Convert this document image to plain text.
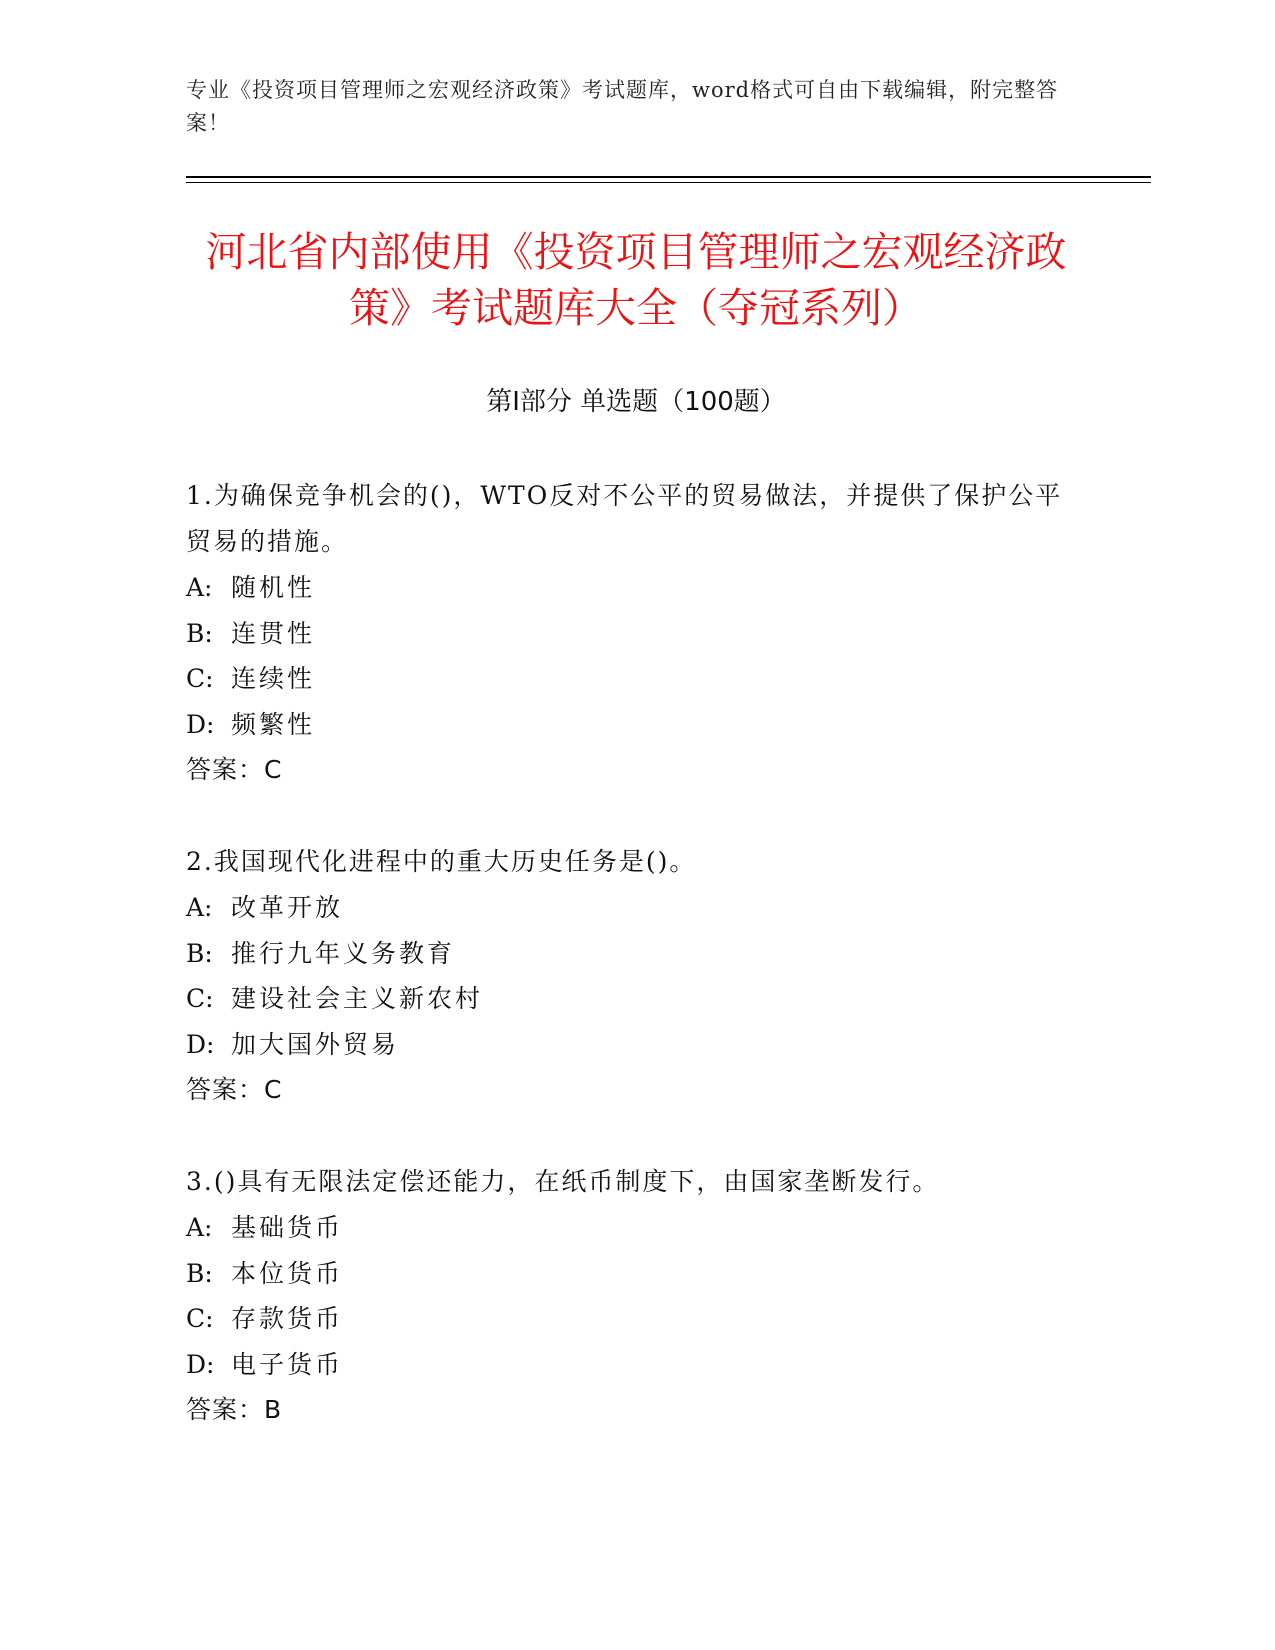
专业《投资项目管理师之宏观经济政策》考试题库，word格式可自由下载编辑，附完整答案！
河北省内部使用《投资项目管理师之宏观经济政策》考试题库大全（夺冠系列）
第Ⅰ部分 单选题（100题）

1.为确保竞争机会的()，WTO反对不公平的贸易做法，并提供了保护公平贸易的措施。

A: 随机性

B: 连贯性

C: 连续性

D: 频繁性

答案：C

2.我国现代化进程中的重大历史任务是()。

A: 改革开放

B: 推行九年义务教育

C: 建设社会主义新农村

D: 加大国外贸易

答案：C

3.()具有无限法定偿还能力，在纸币制度下，由国家垄断发行。

A: 基础货币

B: 本位货币

C: 存款货币

D: 电子货币

答案：B
